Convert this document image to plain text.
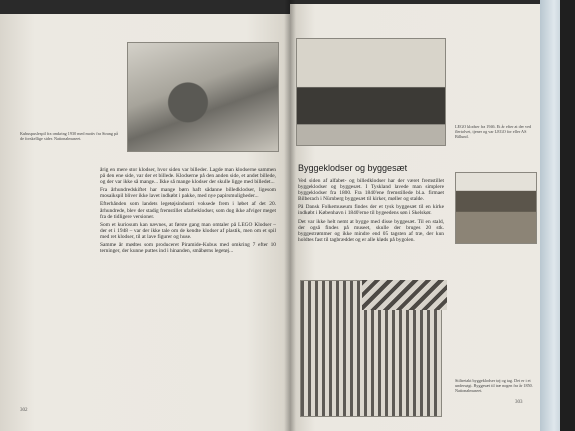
Kubuspuslespil fra omkring 1930 med motiv fra Strang på de forskellige sider. Nationalmuseet.

årig en mere stor klodser, hvor siden var billeder. Lagde man klodserne sammen på den ene side, var der et billede. Klodserne på den anden side, et andet billede, og der var ikke så mange... Ikke så mange klodser der skulle ligge med billedet...

Fra århundredskiftet har mange børn haft sådanne billedklodser, ligesom mosaikspil bliver ikke lavet indkøbt i pakke, med nye papirsmuligheder...

Efterhånden som landets legetøjsindustri voksede frem i løbet af det 20. århundrede, blev der stadig fremstillet ufarbeklodser, som dog ikke afviger meget fra de tidligere versioner.

Som et kuriosum kan nævnes, at første gang man omtaler på LEGO Klodser – der et i 1948 – var der ikke tale om de kendte klodser af plastik, men om et spil med ret klodser, til at lave figurer og huse.

Samme år mødtes som produceret Piramide-Kubus med omkring 7 efter 10 terninger, der kunne puttes ind i hinanden, småbørns legetøj...

302
LEGO klodser fra 1946. Et år efter at der ved flertolvet, tjener og var LEGO for eller AS Billund.
Byggeklodser og byggesæt

Ved siden af alfabet- og billedklodser har der været fremstillet byggeklodser og byggesæt. I Tyskland lavede man simplere byggeklodser fra 1800. Fra 1840'ene fremstillede bl.a. firmaet Bilberach i Nürnberg byggesæt til kirker, møller og stalde.

På Dansk Folkemuseum findes der et tysk byggesæt til en kirke indkøbt i København i 1840'erne til bygeedens søn i Skelskør.

Det var ikke helt nemt at bygge med disse byggesæt. Til en stald, der også findes på museet, skulle der bruges 20 stk. byggestrømmer og ikke mindre end 05 tagsten af træ, der kun holdtes fast til tagbræddet og er alle kløds på bygolen.

Stiltretakt byggeklodser tøj og tag. Det er i et undersøgt. Byggesæt til træ nogen fra år 1850. Nationalmuseet.
303
